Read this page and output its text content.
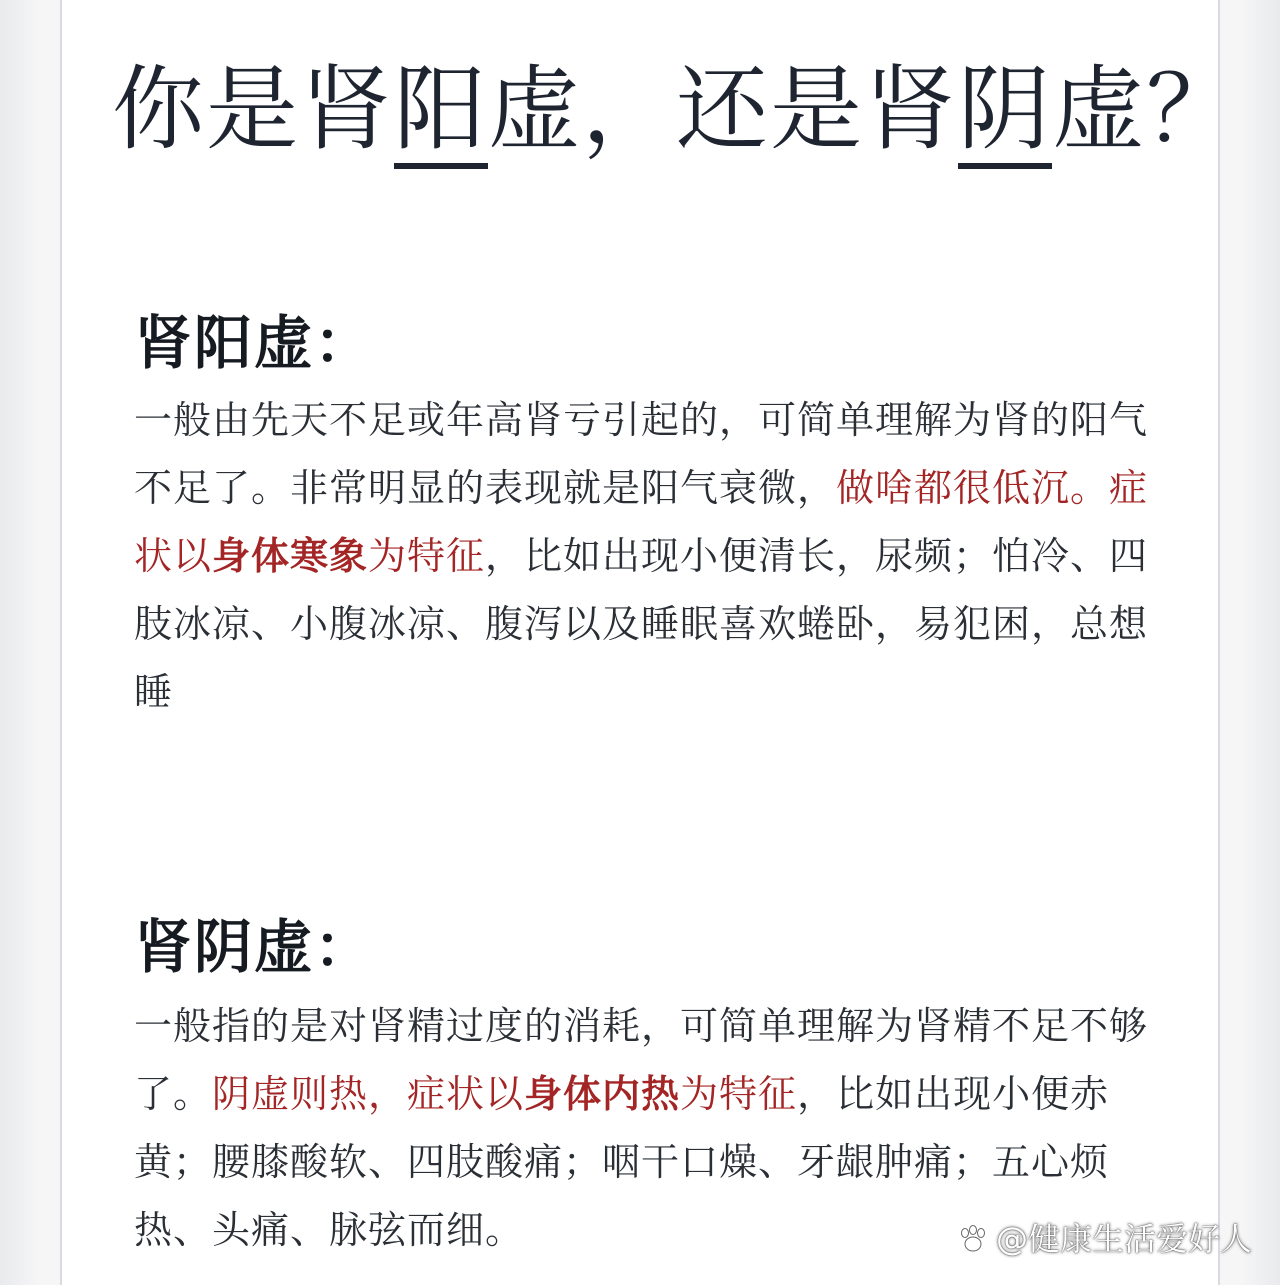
你是肾阳虚，还是肾阴虚？
肾阳虚：

一般由先天不足或年高肾亏引起的，可简单理解为肾的阳气不足了。非常明显的表现就是阳气衰微，做啥都很低沉。症状以身体寒象为特征，比如出现小便清长，尿频；怕冷、四肢冰凉、小腹冰凉、腹泻以及睡眠喜欢蜷卧，易犯困，总想睡

肾阴虚：

一般指的是对肾精过度的消耗，可简单理解为肾精不足不够了。阴虚则热，症状以身体内热为特征，比如出现小便赤黄；腰膝酸软、四肢酸痛；咽干口燥、牙龈肿痛；五心烦热、头痛、脉弦而细。	@健康生活爱好人
